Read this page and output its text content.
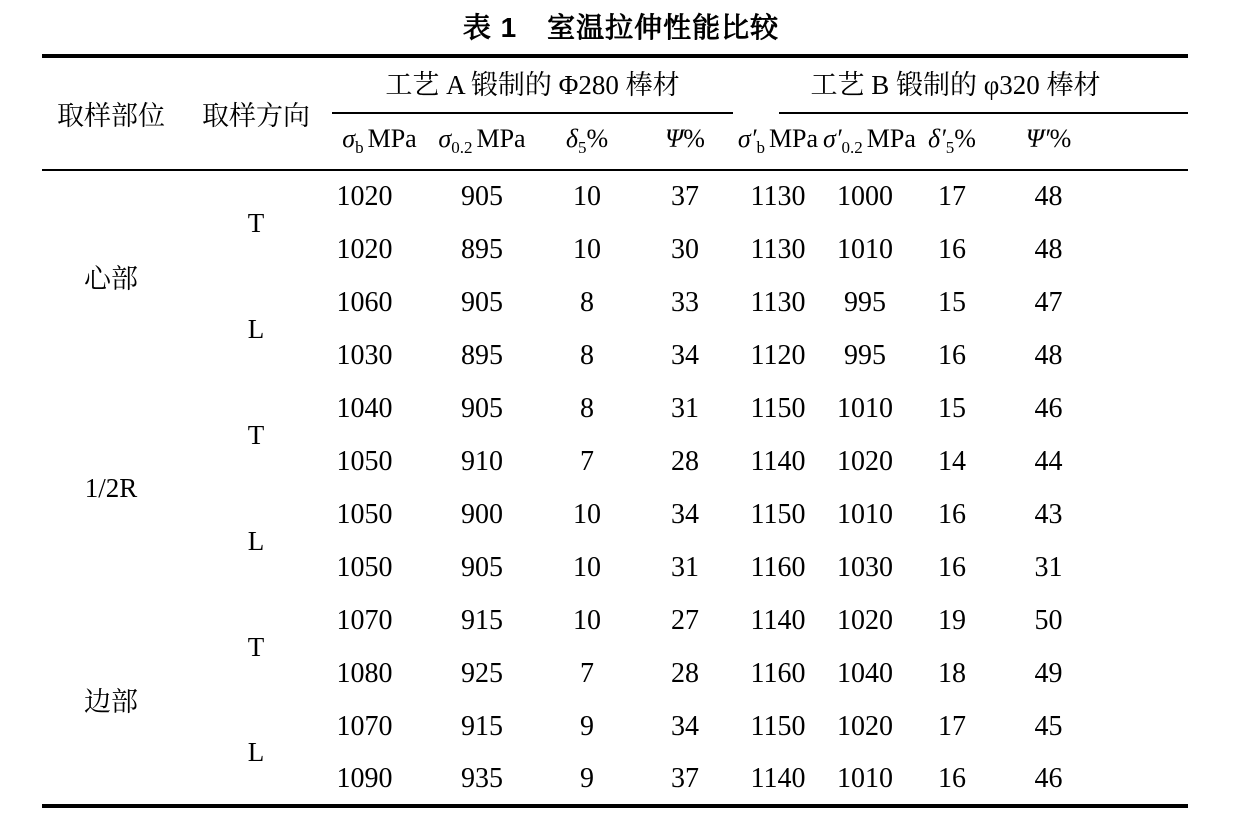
表 1 室温拉伸性能比较
取样部位	取样方向	工艺 A 锻制的 Φ280 棒材				工艺 B 锻制的 φ320 棒材			

		$\sigma_b$ MPa	$\sigma_{0.2}$ MPa	$\delta_5\%$	Ψ%	$\sigma'_b$ MPa	$\sigma'_{0.2}$ MPa	$\delta'_5\%$	Ψ′%
心部	T	1020	905	10	37	1130	1000	17	48
		1020	895	10	30	1130	1010	16	48
	L	1060	905	8	33	1130	995	15	47
		1030	895	8	34	1120	995	16	48
1/2R	T	1040	905	8	31	1150	1010	15	46
		1050	910	7	28	1140	1020	14	44
	L	1050	900	10	34	1150	1010	16	43
		1050	905	10	31	1160	1030	16	31
边部	T	1070	915	10	27	1140	1020	19	50
		1080	925	7	28	1160	1040	18	49
	L	1070	915	9	34	1150	1020	17	45
		1090	935	9	37	1140	1010	16	46
